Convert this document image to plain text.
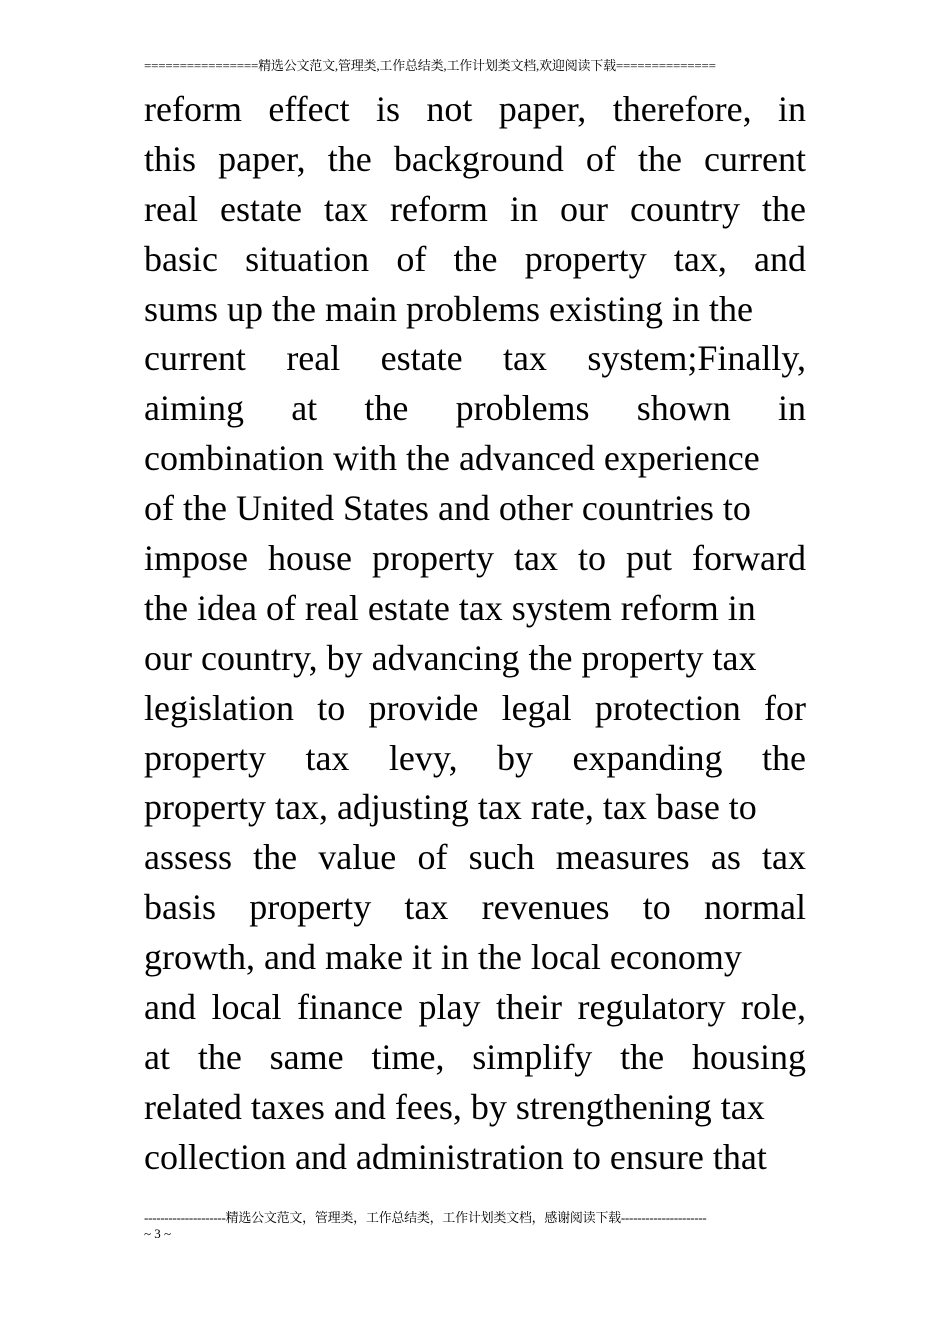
================精选公文范文,管理类,工作总结类,工作计划类文档,欢迎阅读下载==============
reform effect is not paper, therefore, in
this paper, the background of the current
real estate tax reform in our country the
basic situation of the property tax, and
sums up the main problems existing in the
current real estate tax system;Finally,
aiming at the problems shown in
combination with the advanced experience
of the United States and other countries to
impose house property tax to put forward
the idea of real estate tax system reform in
our country, by advancing the property tax
legislation to provide legal protection for
property tax levy, by expanding the
property tax, adjusting tax rate, tax base to
assess the value of such measures as tax
basis property tax revenues to normal
growth, and make it in the local economy
and local finance play their regulatory role,
at the same time, simplify the housing
related taxes and fees, by strengthening tax
collection and administration to ensure that
--------------------精选公文范文，管理类，工作总结类，工作计划类文档，感谢阅读下载---------------------
~ 3 ~
